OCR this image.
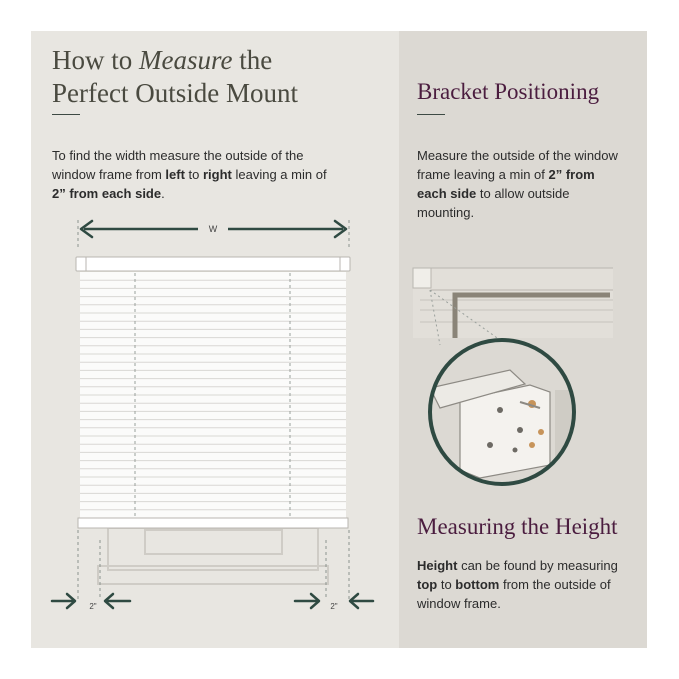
How to Measure the
Perfect Outside Mount

To find the width measure the outside of the window frame from left to right leaving a min of 2” from each side.

Bracket Positioning

Measure the outside of the window frame leaving a min of 2” from each side to allow outside mounting.

Measuring the Height

Height can be found by measuring top to bottom from the outside of window frame.

W
2"	2"
